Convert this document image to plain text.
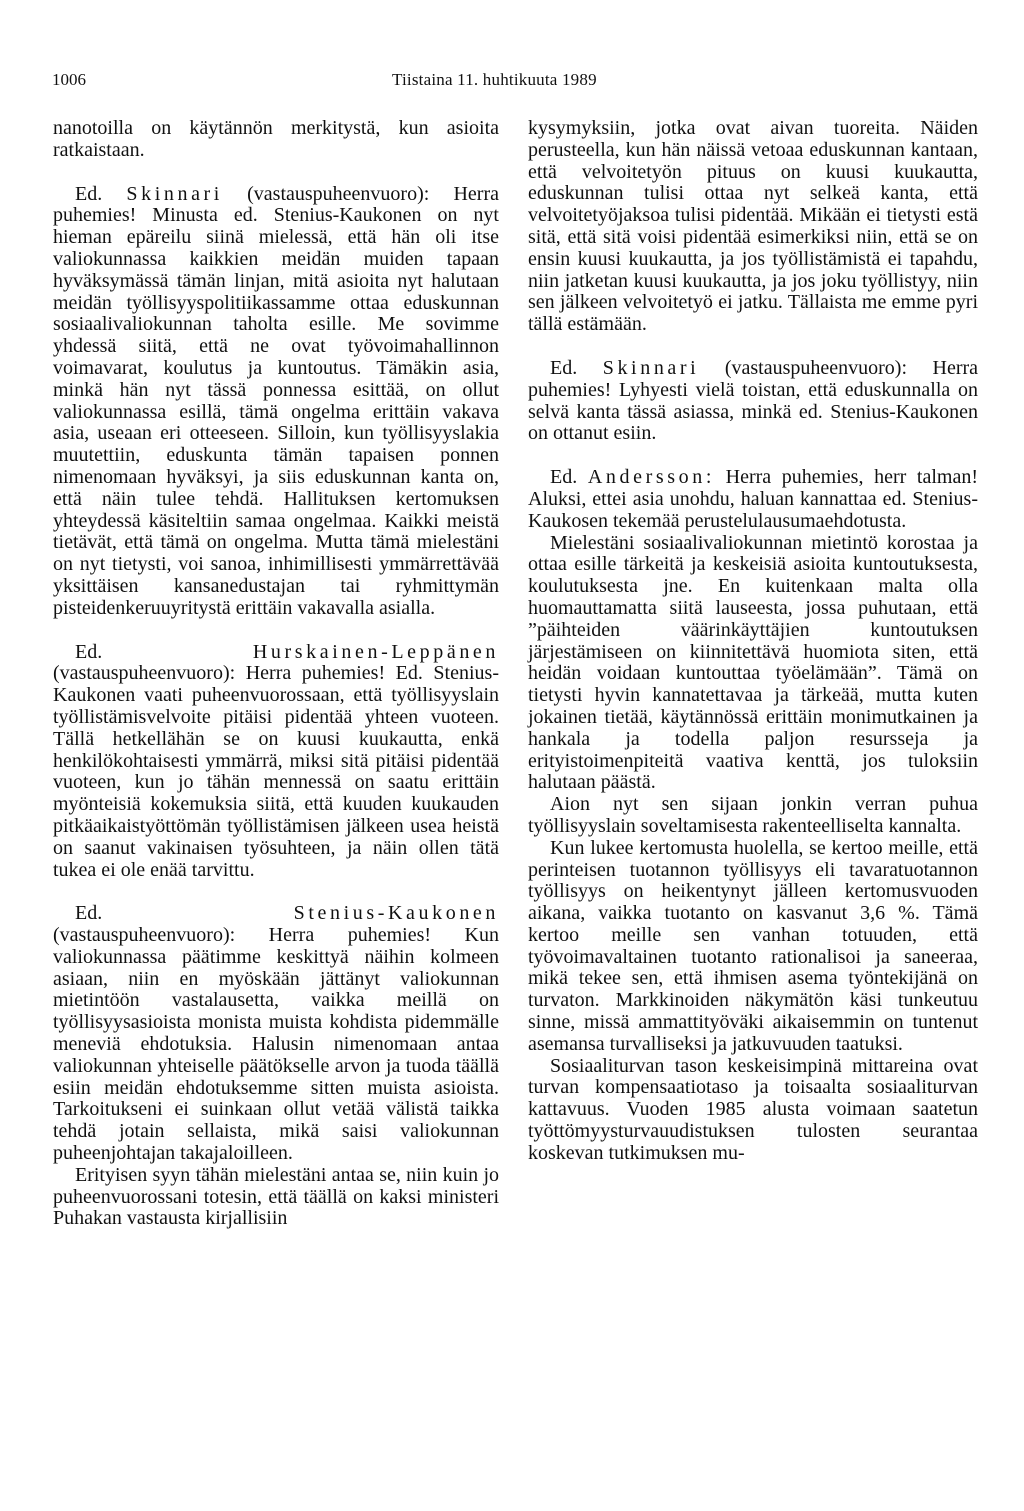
1006	Tiistaina 11. huhtikuuta 1989

nanotoilla on käytännön merkitystä, kun asioita ratkaistaan.

Ed. Skinnari (vastauspuheenvuoro): Herra puhemies! Minusta ed. Stenius-Kaukonen on nyt hieman epäreilu siinä mielessä, että hän oli itse valiokunnassa kaikkien meidän muiden tapaan hyväksymässä tämän linjan, mitä asioita nyt halutaan meidän työllisyyspolitiikassamme ottaa eduskunnan sosiaalivaliokunnan taholta esille. Me sovimme yhdessä siitä, että ne ovat työvoimahallinnon voimavarat, koulutus ja kuntoutus. Tämäkin asia, minkä hän nyt tässä ponnessa esittää, on ollut valiokunnassa esillä, tämä ongelma erittäin vakava asia, useaan eri otteeseen. Silloin, kun työllisyyslakia muutettiin, eduskunta tämän tapaisen ponnen nimenomaan hyväksyi, ja siis eduskunnan kanta on, että näin tulee tehdä. Hallituksen kertomuksen yhteydessä käsiteltiin samaa ongelmaa. Kaikki meistä tietävät, että tämä on ongelma. Mutta tämä mielestäni on nyt tietysti, voi sanoa, inhimillisesti ymmärrettävää yksittäisen kansanedustajan tai ryhmittymän pisteidenkeruuyritystä erittäin vakavalla asialla.

Ed.	Hurskainen-Leppänen (vastauspuheenvuoro): Herra puhemies! Ed. Stenius-Kaukonen vaati puheenvuorossaan, että työllisyyslain työllistämisvelvoite pitäisi pidentää yhteen vuoteen. Tällä hetkellähän se on kuusi kuukautta, enkä henkilökohtaisesti ymmärrä, miksi sitä pitäisi pidentää vuoteen, kun jo tähän mennessä on saatu erittäin myönteisiä kokemuksia siitä, että kuuden kuukauden pitkäaikaistyöttömän työllistämisen jälkeen usea heistä on saanut vakinaisen työsuhteen, ja näin ollen tätä tukea ei ole enää tarvittu.

Ed.	Stenius-Kaukonen (vastauspuheenvuoro): Herra puhemies! Kun valiokunnassa päätimme keskittyä näihin kolmeen asiaan, niin en myöskään jättänyt valiokunnan mietintöön vastalausetta, vaikka meillä on työllisyysasioista monista muista kohdista pidemmälle meneviä ehdotuksia. Halusin nimenomaan antaa valiokunnan yhteiselle päätökselle arvon ja tuoda täällä esiin meidän ehdotuksemme sitten muista asioista. Tarkoitukseni ei suinkaan ollut vetää välistä taikka tehdä jotain sellaista, mikä saisi valiokunnan puheenjohtajan takajaloilleen.

Erityisen syyn tähän mielestäni antaa se, niin kuin jo puheenvuorossani totesin, että täällä on kaksi ministeri Puhakan vastausta kirjallisiin

kysymyksiin, jotka ovat aivan tuoreita. Näiden perusteella, kun hän näissä vetoaa eduskunnan kantaan, että velvoitetyön pituus on kuusi kuukautta, eduskunnan tulisi ottaa nyt selkeä kanta, että velvoitetyöjaksoa tulisi pidentää. Mikään ei tietysti estä sitä, että sitä voisi pidentää esimerkiksi niin, että se on ensin kuusi kuukautta, ja jos työllistämistä ei tapahdu, niin jatketan kuusi kuukautta, ja jos joku työllistyy, niin sen jälkeen velvoitetyö ei jatku. Tällaista me emme pyri tällä estämään.

Ed. Skinnari (vastauspuheenvuoro): Herra puhemies! Lyhyesti vielä toistan, että eduskunnalla on selvä kanta tässä asiassa, minkä ed. Stenius-Kaukonen on ottanut esiin.

Ed. Andersson: Herra puhemies, herr talman! Aluksi, ettei asia unohdu, haluan kannattaa ed. Stenius-Kaukosen tekemää perustelulausumaehdotusta.

Mielestäni sosiaalivaliokunnan mietintö korostaa ja ottaa esille tärkeitä ja keskeisiä asioita kuntoutuksesta, koulutuksesta jne. En kuitenkaan malta olla huomauttamatta siitä lauseesta, jossa puhutaan, että ”päihteiden väärinkäyttäjien kuntoutuksen järjestämiseen on kiinnitettävä huomiota siten, että heidän voidaan kuntouttaa työelämään”. Tämä on tietysti hyvin kannatettavaa ja tärkeää, mutta kuten jokainen tietää, käytännössä erittäin monimutkainen ja hankala ja todella paljon resursseja ja erityistoimenpiteitä vaativa kenttä, jos tuloksiin halutaan päästä.

Aion nyt sen sijaan jonkin verran puhua työllisyyslain soveltamisesta rakenteelliselta kannalta.

Kun lukee kertomusta huolella, se kertoo meille, että perinteisen tuotannon työllisyys eli tavaratuotannon työllisyys on heikentynyt jälleen kertomusvuoden aikana, vaikka tuotanto on kasvanut 3,6 %. Tämä kertoo meille sen vanhan totuuden, että työvoimavaltainen tuotanto rationalisoi ja saneeraa, mikä tekee sen, että ihmisen asema työntekijänä on turvaton. Markkinoiden näkymätön käsi tunkeutuu sinne, missä ammattityöväki aikaisemmin on tuntenut asemansa turvalliseksi ja jatkuvuuden taatuksi.

Sosiaaliturvan tason keskeisimpinä mittareina ovat turvan kompensaatiotaso ja toisaalta sosiaaliturvan kattavuus. Vuoden 1985 alusta voimaan saatetun työttömyysturvauudistuksen tulosten seurantaa koskevan tutkimuksen mu-
